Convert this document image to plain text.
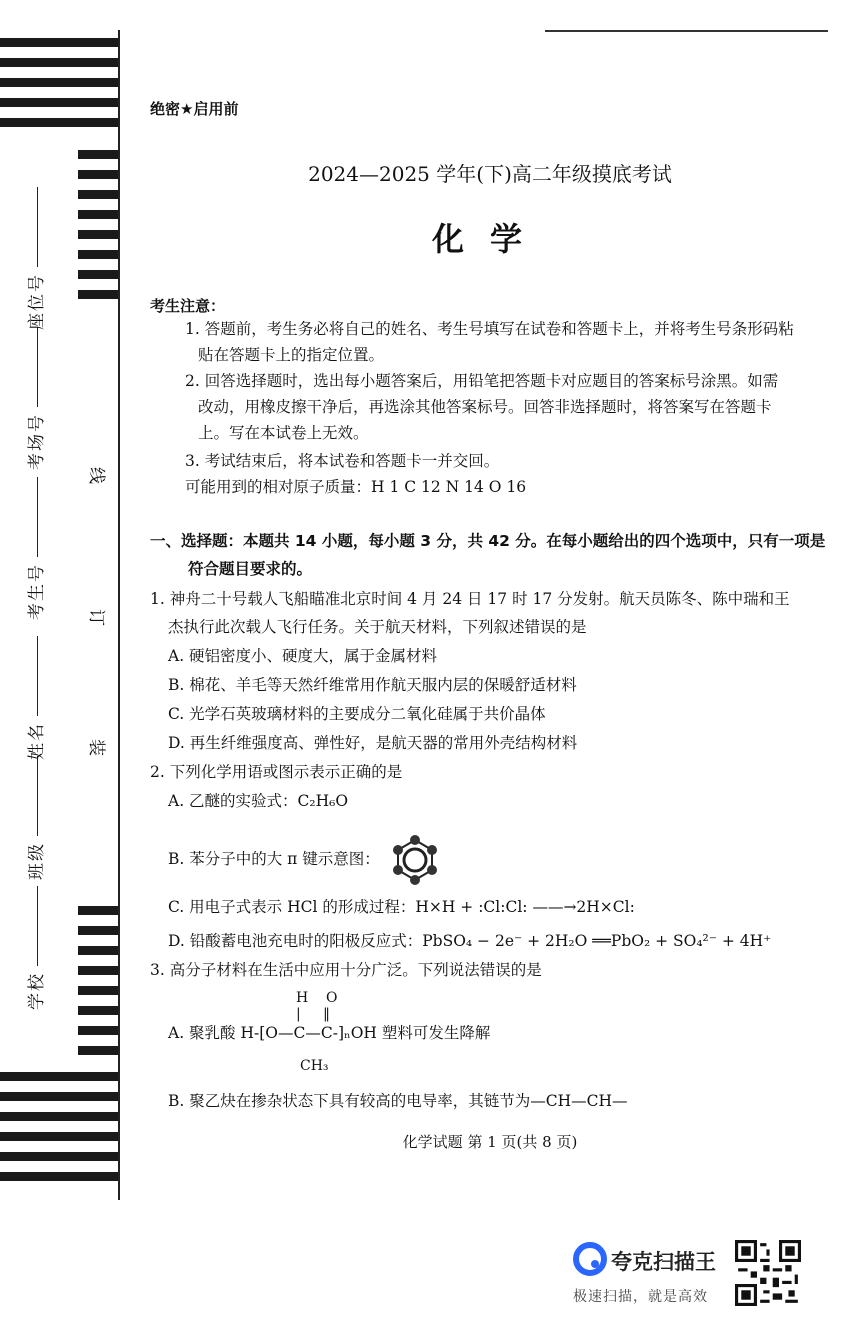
学校
班级
姓名
考生号
考场号
座位号
线
订
装
绝密★启用前
2024—2025 学年(下)高二年级摸底考试
化学
考生注意：
1. 答题前，考生务必将自己的姓名、考生号填写在试卷和答题卡上，并将考生号条形码粘
贴在答题卡上的指定位置。
2. 回答选择题时，选出每小题答案后，用铅笔把答题卡对应题目的答案标号涂黑。如需
改动，用橡皮擦干净后，再选涂其他答案标号。回答非选择题时，将答案写在答题卡
上。写在本试卷上无效。
3. 考试结束后，将本试卷和答题卡一并交回。
可能用到的相对原子质量：H 1 C 12 N 14 O 16
一、选择题：本题共 14 小题，每小题 3 分，共 42 分。在每小题给出的四个选项中，只有一项是
符合题目要求的。
1. 神舟二十号载人飞船瞄准北京时间 4 月 24 日 17 时 17 分发射。航天员陈冬、陈中瑞和王
杰执行此次载人飞行任务。关于航天材料，下列叙述错误的是
A. 硬铝密度小、硬度大，属于金属材料
B. 棉花、羊毛等天然纤维常用作航天服内层的保暖舒适材料
C. 光学石英玻璃材料的主要成分二氧化硅属于共价晶体
D. 再生纤维强度高、弹性好，是航天器的常用外壳结构材料
2. 下列化学用语或图示表示正确的是
A. 乙醚的实验式：C₂H₆O
B. 苯分子中的大 π 键示意图：
C. 用电子式表示 HCl 的形成过程：H×H + :Cl:Cl: ——→2H×Cl:
D. 铅酸蓄电池充电时的阳极反应式：PbSO₄ − 2e⁻ + 2H₂O ══PbO₂ + SO₄²⁻ + 4H⁺
3. 高分子材料在生活中应用十分广泛。下列说法错误的是
H    O
|     ‖
A. 聚乳酸 H-[O—C—C-]ₙOH 塑料可发生降解
CH₃
B. 聚乙炔在掺杂状态下具有较高的电导率，其链节为—CH—CH—
化学试题 第 1 页(共 8 页)
夸克扫描王
极速扫描，就是高效
